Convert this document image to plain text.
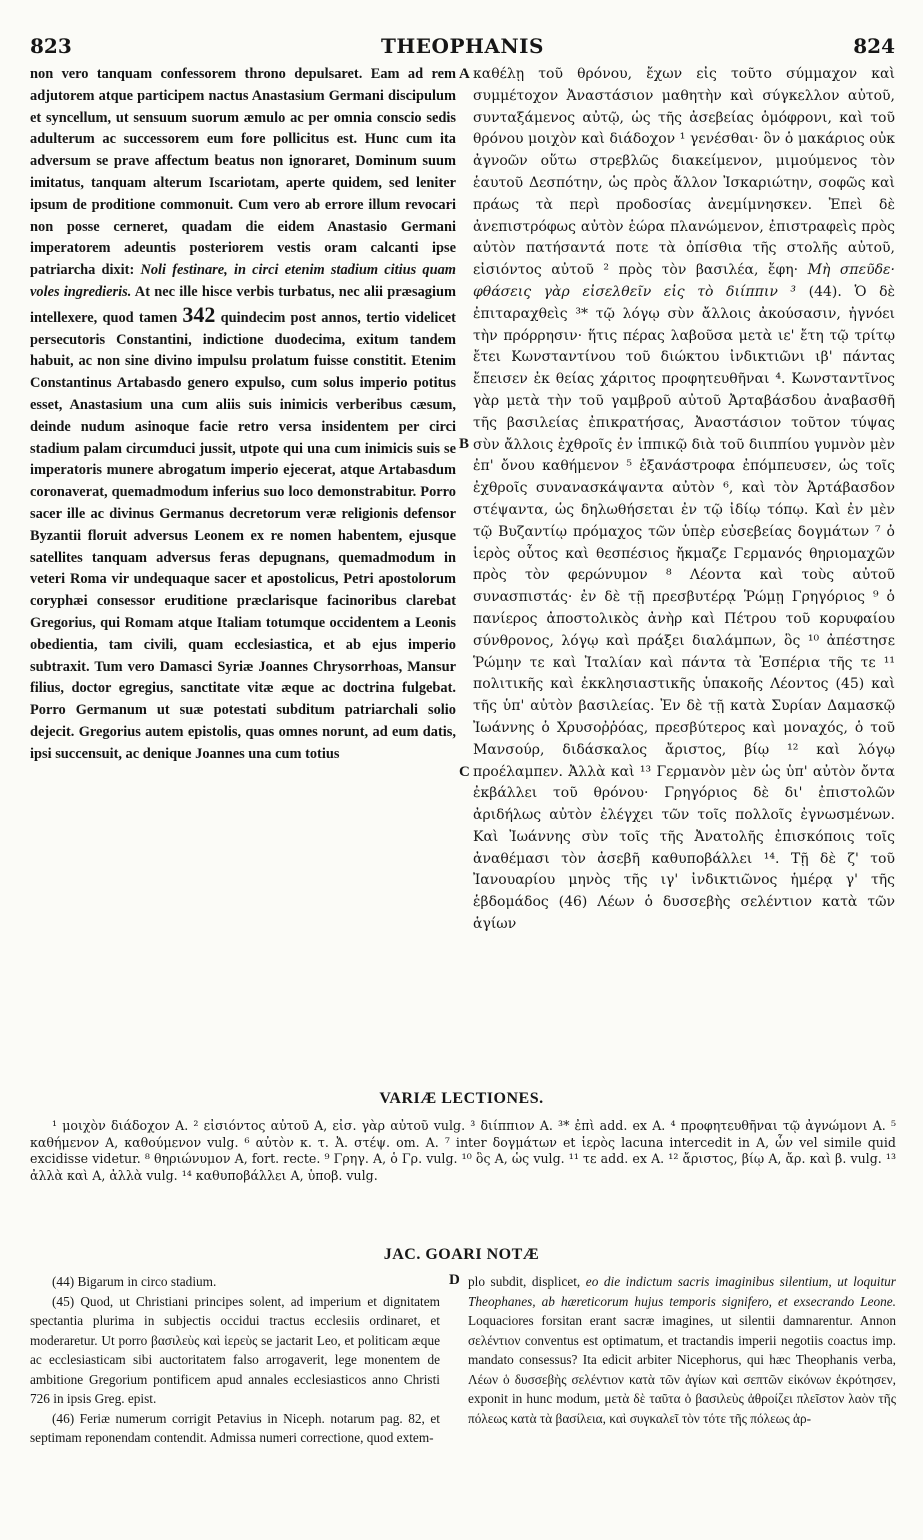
823	THEOPHANIS	824

non vero tanquam confessorem throno depulsaret. Eam ad rem adjutorem atque participem nactus Anastasium Germani discipulum et syncellum, ut sensuum suorum æmulo ac per omnia conscio sedis adulterum ac successorem eum fore pollicitus est. Hunc cum ita adversum se prave affectum beatus non ignoraret, Dominum suum imitatus, tanquam alterum Iscariotam, aperte quidem, sed leniter ipsum de proditione commonuit. Cum vero ab errore illum revocari non posse cerneret, quadam die eidem Anastasio Germani imperatorem adeuntis posteriorem vestis oram calcanti ipse patriarcha dixit: Noli festinare, in circi etenim stadium citius quam voles ingredieris. At nec ille hisce verbis turbatus, nec alii præsagium intellexere, quod tamen 342 quindecim post annos, tertio videlicet persecutoris Constantini, indictione duodecima, exitum tandem habuit, ac non sine divino impulsu prolatum fuisse constitit. Etenim Constantinus Artabasdo genero expulso, cum solus imperio potitus esset, Anastasium una cum aliis suis inimicis verberibus cæsum, deinde nudum asinoque facie retro versa insidentem per circi stadium palam circumduci jussit, utpote qui una cum inimicis suis se imperatoris munere abrogatum imperio ejecerat, atque Artabasdum coronaverat, quemadmodum inferius suo loco demonstrabitur. Porro sacer ille ac divinus Germanus decretorum veræ religionis defensor Byzantii floruit adversus Leonem ex re nomen habentem, ejusque satellites tanquam adversus feras depugnans, quemadmodum in veteri Roma vir undequaque sacer et apostolicus, Petri apostolorum coryphæi consessor eruditione præclarisque facinoribus clarebat Gregorius, qui Romam atque Italiam totumque occidentem a Leonis obedientia, tam civili, quam ecclesiastica, et ab ejus imperio subtraxit. Tum vero Damasci Syriæ Joannes Chrysorrhoas, Mansur filius, doctor egregius, sanctitate vitæ æque ac doctrina fulgebat. Porro Germanum ut suæ potestati subditum patriarchali solio dejecit. Gregorius autem epistolis, quas omnes norunt, ad eum datis, ipsi succensuit, ac denique Joannes una cum totius

A
B
C

καθέλῃ τοῦ θρόνου, ἔχων εἰς τοῦτο σύμμαχον καὶ συμμέτοχον Ἀναστάσιον μαθητὴν καὶ σύγκελλον αὐτοῦ, συνταξάμενος αὐτῷ, ὡς τῆς ἀσεβείας ὁμόφρονι, καὶ τοῦ θρόνου μοιχὸν καὶ διάδοχον ¹ γενέσθαι· ὃν ὁ μακάριος οὐκ ἀγνοῶν οὕτω στρεβλῶς διακείμενον, μιμούμενος τὸν ἑαυτοῦ Δεσπότην, ὡς πρὸς ἄλλον Ἰσκαριώτην, σοφῶς καὶ πράως τὰ περὶ προδοσίας ἀνεμίμνησκεν. Ἐπεὶ δὲ ἀνεπιστρόφως αὐτὸν ἑώρα πλανώμενον, ἐπιστραφεὶς πρὸς αὐτὸν πατήσαντά ποτε τὰ ὀπίσθια τῆς στολῆς αὐτοῦ, εἰσιόντος αὐτοῦ ² πρὸς τὸν βασιλέα, ἔφη· Μὴ σπεῦδε· φθάσεις γὰρ εἰσελθεῖν εἰς τὸ διίππιν ³ (44). Ὁ δὲ ἐπιταραχθεὶς ³* τῷ λόγῳ σὺν ἄλλοις ἀκούσασιν, ἠγνόει τὴν πρόρρησιν· ἥτις πέρας λαβοῦσα μετὰ ιε' ἔτη τῷ τρίτῳ ἔτει Κωνσταντίνου τοῦ διώκτου ἰνδικτιῶνι ιβ' πάντας ἔπεισεν ἐκ θείας χάριτος προφητευθῆναι ⁴. Κωνσταντῖνος γὰρ μετὰ τὴν τοῦ γαμβροῦ αὐτοῦ Ἀρταβάσδου ἀναβασθῆ τῆς βασιλείας ἐπικρατήσας, Ἀναστάσιον τοῦτον τύψας σὺν ἄλλοις ἐχθροῖς ἐν ἱππικῷ διὰ τοῦ διιππίου γυμνὸν μὲν ἐπ' ὄνου καθήμενον ⁵ ἐξανάστροφα ἐπόμπευσεν, ὡς τοῖς ἐχθροῖς συνανασκάψαντα αὐτὸν ⁶, καὶ τὸν Ἀρτάβασδον στέψαντα, ὡς δηλωθήσεται ἐν τῷ ἰδίῳ τόπῳ. Καὶ ἐν μὲν τῷ Βυζαντίῳ πρόμαχος τῶν ὑπὲρ εὐσεβείας δογμάτων ⁷ ὁ ἱερὸς οὗτος καὶ θεσπέσιος ἤκμαζε Γερμανός θηριομαχῶν πρὸς τὸν φερώνυμον ⁸ Λέοντα καὶ τοὺς αὐτοῦ συνασπιστάς· ἐν δὲ τῇ πρεσβυτέρᾳ Ῥώμῃ Γρηγόριος ⁹ ὁ πανίερος ἀποστολικὸς ἀνὴρ καὶ Πέτρου τοῦ κορυφαίου σύνθρονος, λόγῳ καὶ πράξει διαλάμπων, ὃς ¹⁰ ἀπέστησε Ῥώμην τε καὶ Ἰταλίαν καὶ πάντα τὰ Ἑσπέρια τῆς τε ¹¹ πολιτικῆς καὶ ἐκκλησιαστικῆς ὑπακοῆς Λέοντος (45) καὶ τῆς ὑπ' αὐτὸν βασιλείας. Ἐν δὲ τῇ κατὰ Συρίαν Δαμασκῷ Ἰωάννης ὁ Χρυσοῤῥόας, πρεσβύτερος καὶ μοναχός, ὁ τοῦ Μανσούρ, διδάσκαλος ἄριστος, βίῳ ¹² καὶ λόγῳ προέλαμπεν. Ἀλλὰ καὶ ¹³ Γερμανὸν μὲν ὡς ὑπ' αὐτὸν ὄντα ἐκβάλλει τοῦ θρόνου· Γρηγόριος δὲ δι' ἐπιστολῶν ἀριδήλως αὐτὸν ἐλέγχει τῶν τοῖς πολλοῖς ἐγνωσμένων. Καὶ Ἰωάννης σὺν τοῖς τῆς Ἀνατολῆς ἐπισκόποις τοῖς ἀναθέμασι τὸν ἀσεβῆ καθυποβάλλει ¹⁴. Τῇ δὲ ζ' τοῦ Ἰανουαρίου μηνὸς τῆς ιγ' ἰνδικτιῶνος ἡμέρᾳ γ' τῆς ἑβδομάδος (46) Λέων ὁ δυσσεβὴς σελέντιον κατὰ τῶν ἁγίων

VARIÆ LECTIONES.

¹ μοιχὸν διάδοχον A. ² εἰσιόντος αὐτοῦ A, εἰσ. γὰρ αὐτοῦ vulg. ³ διίππιον A. ³* ἐπὶ add. ex A. ⁴ προφητευθῆναι τῷ ἀγνώμονι A. ⁵ καθήμενον A, καθούμενον vulg. ⁶ αὐτὸν κ. τ. Ἀ. στέψ. om. A. ⁷ inter δογμάτων et ἱερὸς lacuna intercedit in A, ὧν vel simile quid excidisse videtur. ⁸ θηριώνυμον A, fort. recte. ⁹ Γρηγ. A, ὁ Γρ. vulg. ¹⁰ ὃς A, ὡς vulg. ¹¹ τε add. ex A. ¹² ἄριστος, βίῳ A, ἄρ. καὶ β. vulg. ¹³ ἀλλὰ καὶ A, ἀλλὰ vulg. ¹⁴ καθυποβάλλει A, ὑποβ. vulg.

JAC. GOARI NOTÆ

(44) Bigarum in circo stadium.

(45) Quod, ut Christiani principes solent, ad imperium et dignitatem spectantia plurima in subjectis occidui tractus ecclesiis ordinaret, et moderaretur. Ut porro βασιλεὺς καὶ ἱερεὺς se jactarit Leo, et politicam æque ac ecclesiasticam sibi auctoritatem falso arrogaverit, lege monentem de ambitione Gregorium pontificem apud annales ecclesiasticos anno Christi 726 in ipsis Greg. epist.

(46) Feriæ numerum corrigit Petavius in Niceph. notarum pag. 82, et septimam reponendam contendit. Admissa numeri correctione, quod extem-

D plo subdit, displicet, eo die indictum sacris imaginibus silentium, ut loquitur Theophanes, ab hæreticorum hujus temporis signifero, et exsecrando Leone. Loquaciores forsitan erant sacræ imagines, ut silentii damnarentur. Annon σελέντιον conventus est optimatum, et tractandis imperii negotiis coactus imp. mandato consessus? Ita edicit arbiter Nicephorus, qui hæc Theophanis verba, Λέων ὁ δυσσεβὴς σελέντιον κατὰ τῶν ἁγίων καὶ σεπτῶν εἰκόνων ἐκρότησεν, exponit in hunc modum, μετὰ δὲ ταῦτα ὁ βασιλεὺς ἀθροίζει πλεῖστον λαὸν τῆς πόλεως κατὰ τὰ βασίλεια, καὶ συγκαλεῖ τὸν τότε τῆς πόλεως ἀρ-
